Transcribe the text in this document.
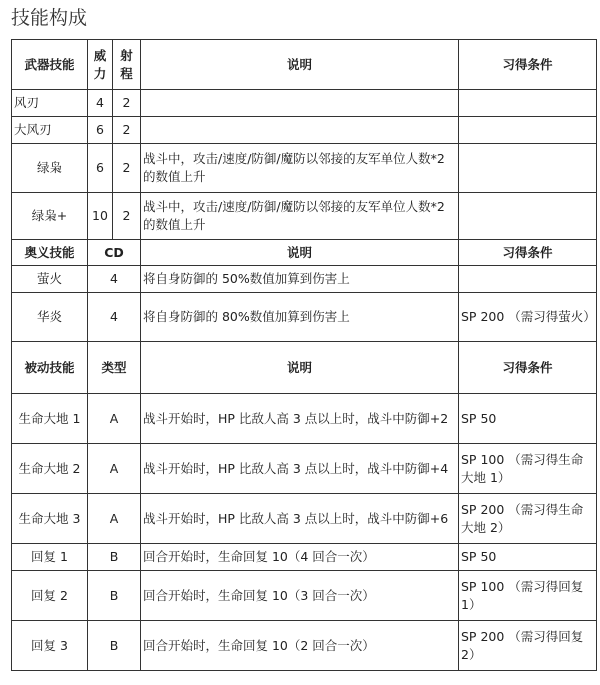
技能构成
武器技能	威力	射程	说明	习得条件
风刃	4	2		
大风刃	6	2		
绿枭	6	2	战斗中，攻击/速度/防御/魔防以邻接的友军单位人数*2的数值上升	
绿枭+	10	2	战斗中，攻击/速度/防御/魔防以邻接的友军单位人数*2的数值上升	
奥义技能	CD		说明	习得条件
萤火	4		将自身防御的 50%数值加算到伤害上	
华炎	4		将自身防御的 80%数值加算到伤害上	SP 200 （需习得萤火）
被动技能	类型		说明	习得条件
生命大地 1	A		战斗开始时，HP 比敌人高 3 点以上时，战斗中防御+2	SP 50
生命大地 2	A		战斗开始时，HP 比敌人高 3 点以上时，战斗中防御+4	SP 100 （需习得生命大地 1）
生命大地 3	A		战斗开始时，HP 比敌人高 3 点以上时，战斗中防御+6	SP 200 （需习得生命大地 2）
回复 1	B		回合开始时，生命回复 10（4 回合一次）	SP 50
回复 2	B		回合开始时，生命回复 10（3 回合一次）	SP 100 （需习得回复 1）
回复 3	B		回合开始时，生命回复 10（2 回合一次）	SP 200 （需习得回复 2）
